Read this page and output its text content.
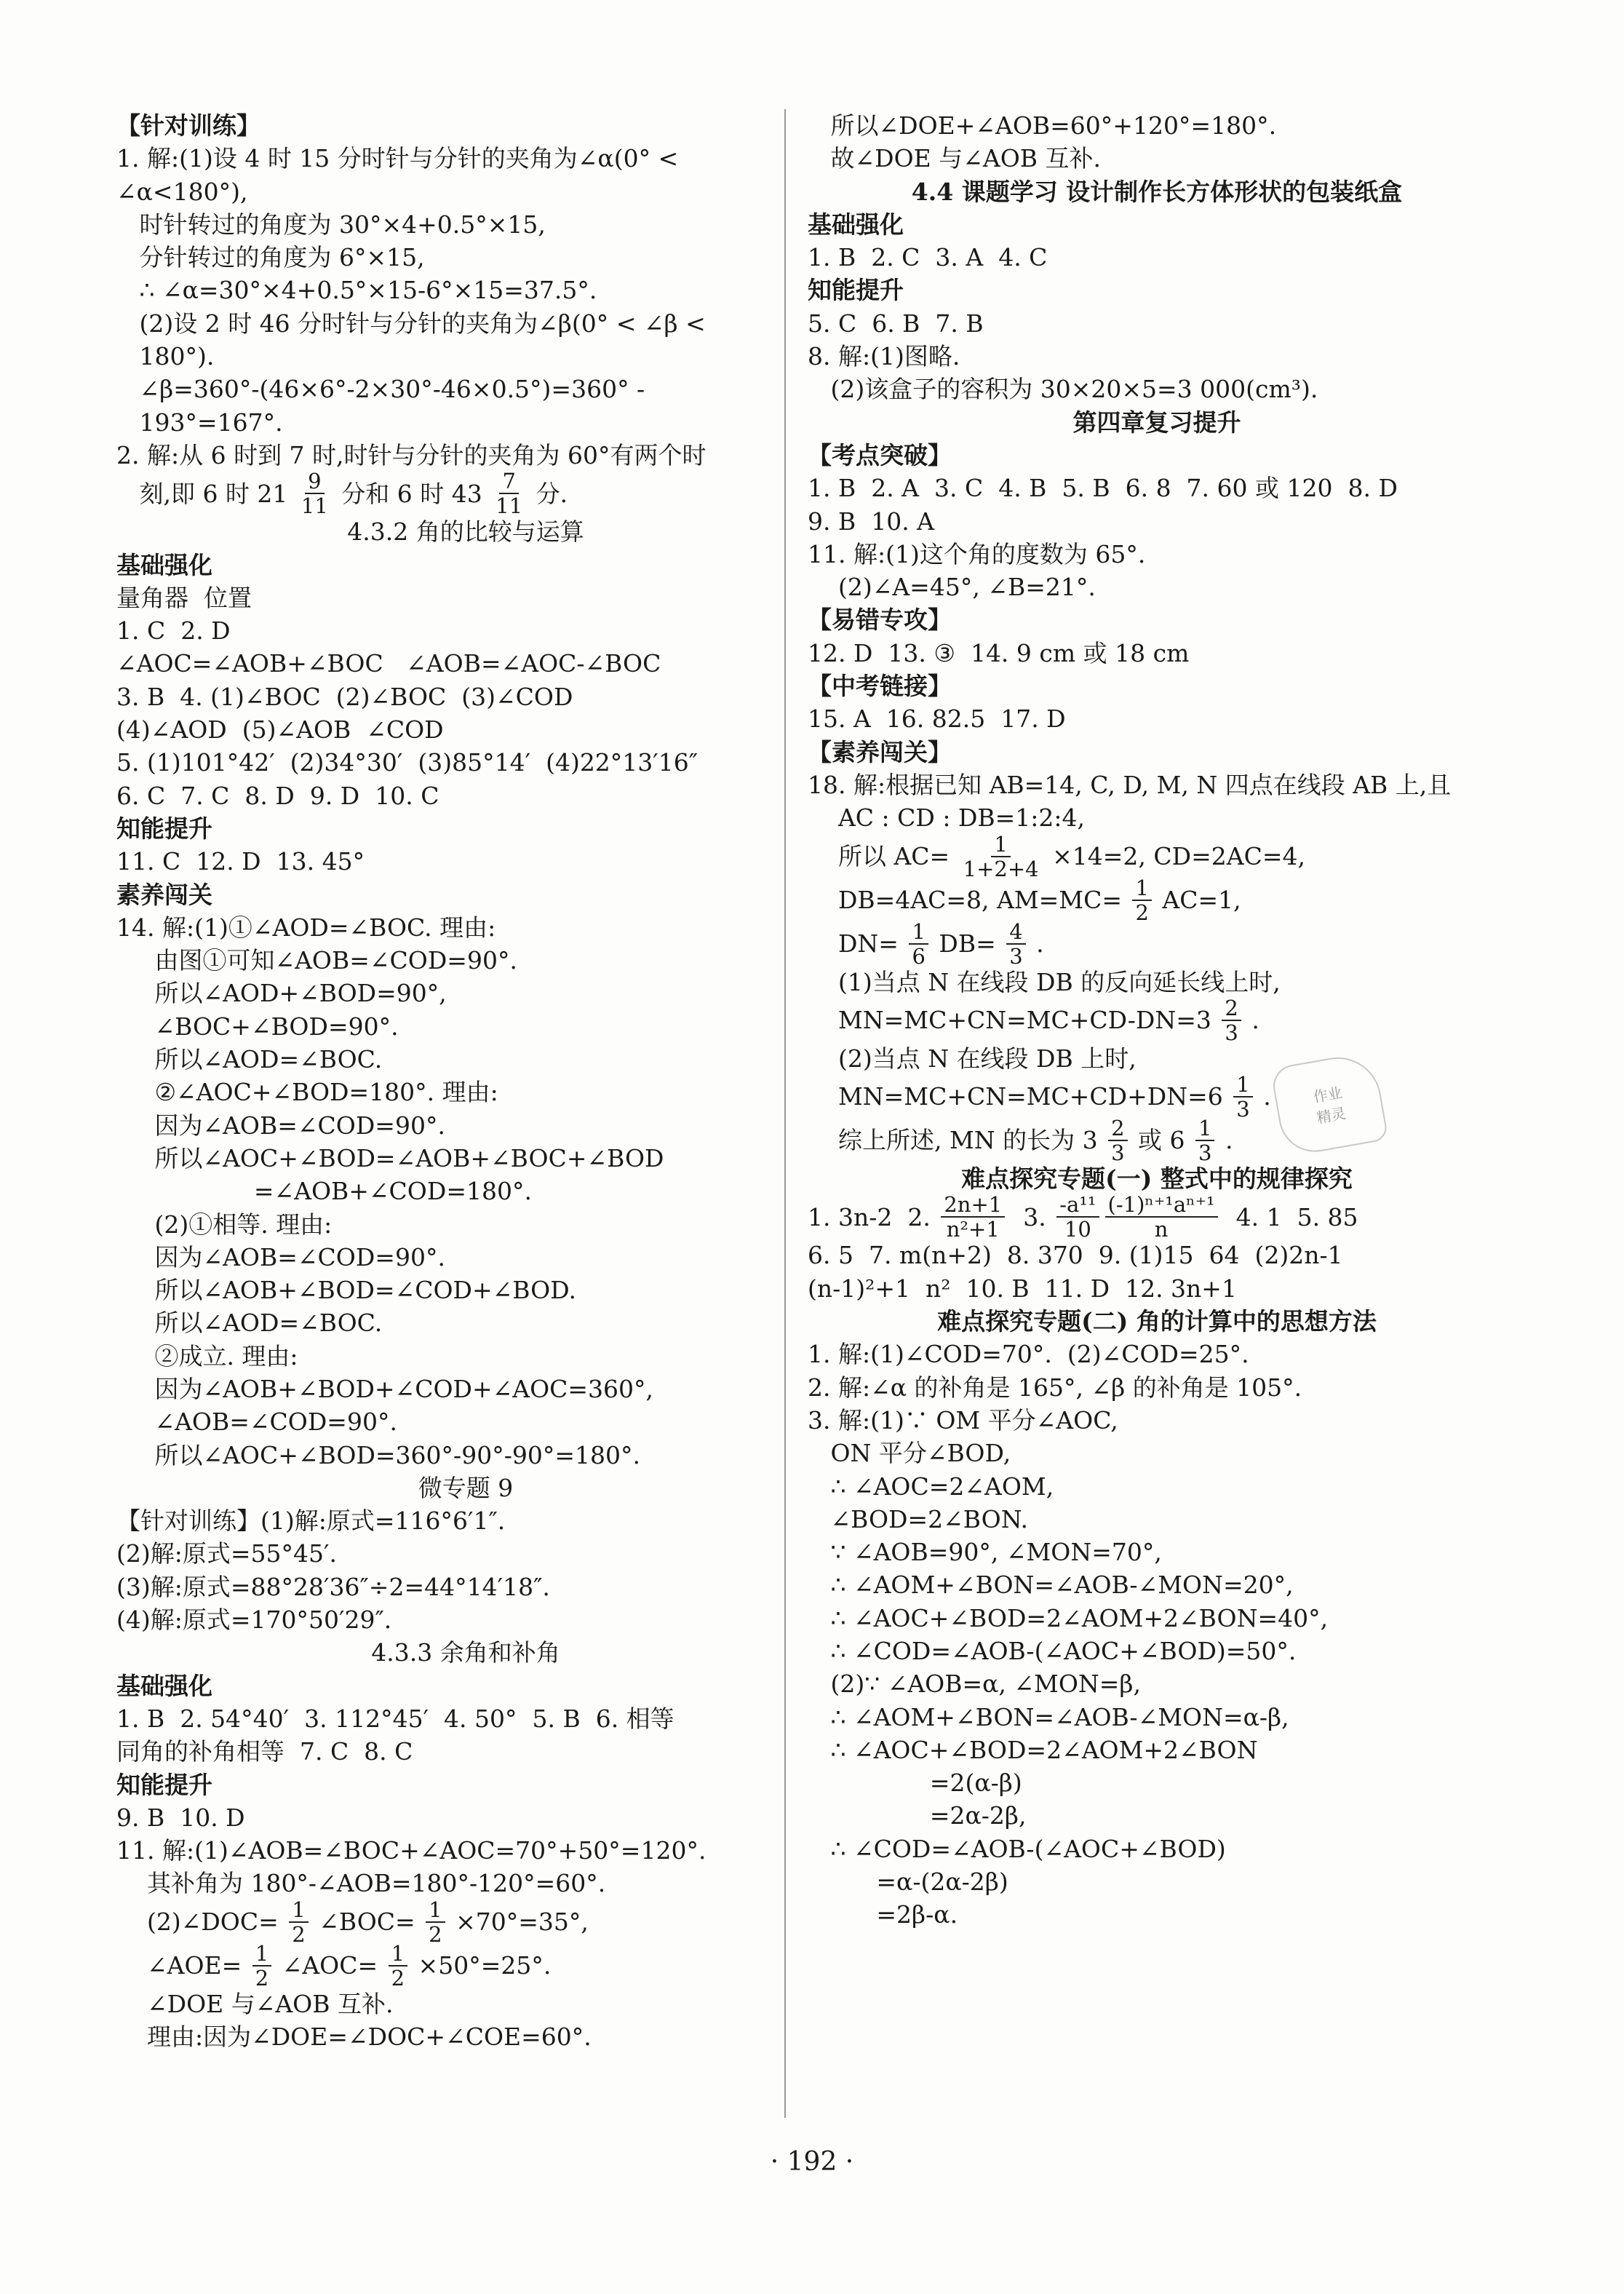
【针对训练】
1. 解:(1)设 4 时 15 分时针与分针的夹角为∠α(0° <
∠α<180°),
时针转过的角度为 30°×4+0.5°×15,
分针转过的角度为 6°×15,
∴ ∠α=30°×4+0.5°×15-6°×15=37.5°.
(2)设 2 时 46 分时针与分针的夹角为∠β(0° < ∠β <
180°).
∠β=360°-(46×6°-2×30°-46×0.5°)=360° -
193°=167°.
2. 解:从 6 时到 7 时,时针与分针的夹角为 60°有两个时
刻,即 6 时 21 9
11 分和 6 时 43 7
11 分.
4.3.2 角的比较与运算
基础强化
量角器  位置
1. C  2. D
∠AOC=∠AOB+∠BOC   ∠AOB=∠AOC-∠BOC
3. B  4. (1)∠BOC  (2)∠BOC  (3)∠COD
(4)∠AOD  (5)∠AOB  ∠COD
5. (1)101°42′  (2)34°30′  (3)85°14′  (4)22°13′16″
6. C  7. C  8. D  9. D  10. C
知能提升
11. C  12. D  13. 45°
素养闯关
14. 解:(1)①∠AOD=∠BOC. 理由:
由图①可知∠AOB=∠COD=90°.
所以∠AOD+∠BOD=90°,
∠BOC+∠BOD=90°.
所以∠AOD=∠BOC.
②∠AOC+∠BOD=180°. 理由:
因为∠AOB=∠COD=90°.
所以∠AOC+∠BOD=∠AOB+∠BOC+∠BOD
=∠AOB+∠COD=180°.
(2)①相等. 理由:
因为∠AOB=∠COD=90°.
所以∠AOB+∠BOD=∠COD+∠BOD.
所以∠AOD=∠BOC.
②成立. 理由:
因为∠AOB+∠BOD+∠COD+∠AOC=360°,
∠AOB=∠COD=90°.
所以∠AOC+∠BOD=360°-90°-90°=180°.
微专题 9
【针对训练】(1)解:原式=116°6′1″.
(2)解:原式=55°45′.
(3)解:原式=88°28′36″÷2=44°14′18″.
(4)解:原式=170°50′29″.
4.3.3 余角和补角
基础强化
1. B  2. 54°40′  3. 112°45′  4. 50°  5. B  6. 相等
同角的补角相等  7. C  8. C
知能提升
9. B  10. D
11. 解:(1)∠AOB=∠BOC+∠AOC=70°+50°=120°.
其补角为 180°-∠AOB=180°-120°=60°.
(2)∠DOC= 1
2 ∠BOC= 1
2 ×70°=35°,
∠AOE= 1
2 ∠AOC= 1
2 ×50°=25°.
∠DOE 与∠AOB 互补.
理由:因为∠DOE=∠DOC+∠COE=60°.
所以∠DOE+∠AOB=60°+120°=180°.
故∠DOE 与∠AOB 互补.
4.4 课题学习 设计制作长方体形状的包装纸盒
基础强化
1. B  2. C  3. A  4. C
知能提升
5. C  6. B  7. B
8. 解:(1)图略.
(2)该盒子的容积为 30×20×5=3 000(cm³).
第四章复习提升
【考点突破】
1. B  2. A  3. C  4. B  5. B  6. 8  7. 60 或 120  8. D
9. B  10. A
11. 解:(1)这个角的度数为 65°.
(2)∠A=45°, ∠B=21°.
【易错专攻】
12. D  13. ③  14. 9 cm 或 18 cm
【中考链接】
15. A  16. 82.5  17. D
【素养闯关】
18. 解:根据已知 AB=14, C, D, M, N 四点在线段 AB 上,且
AC : CD : DB=1:2:4,
所以 AC= 1
1+2+4 ×14=2, CD=2AC=4,
DB=4AC=8, AM=MC= 1
2 AC=1,
DN= 1
6 DB= 4
3 .
(1)当点 N 在线段 DB 的反向延长线上时,
MN=MC+CN=MC+CD-DN=3 2
3 .
(2)当点 N 在线段 DB 上时,
MN=MC+CN=MC+CD+DN=6 1
3 .
综上所述, MN 的长为 3 2
3 或 6 1
3 .
难点探究专题(一) 整式中的规律探究
1. 3n-2  2. 2n+1
n²+1 3. -a¹¹
10
(-1)ⁿ⁺¹aⁿ⁺¹
n 4. 1  5. 85
6. 5  7. m(n+2)  8. 370  9. (1)15  64  (2)2n-1
(n-1)²+1  n²  10. B  11. D  12. 3n+1
难点探究专题(二) 角的计算中的思想方法
1. 解:(1)∠COD=70°.  (2)∠COD=25°.
2. 解:∠α 的补角是 165°, ∠β 的补角是 105°.
3. 解:(1)∵ OM 平分∠AOC,
ON 平分∠BOD,
∴ ∠AOC=2∠AOM,
∠BOD=2∠BON.
∵ ∠AOB=90°, ∠MON=70°,
∴ ∠AOM+∠BON=∠AOB-∠MON=20°,
∴ ∠AOC+∠BOD=2∠AOM+2∠BON=40°,
∴ ∠COD=∠AOB-(∠AOC+∠BOD)=50°.
(2)∵ ∠AOB=α, ∠MON=β,
∴ ∠AOM+∠BON=∠AOB-∠MON=α-β,
∴ ∠AOC+∠BOD=2∠AOM+2∠BON
=2(α-β)
=2α-2β,
∴ ∠COD=∠AOB-(∠AOC+∠BOD)
=α-(2α-2β)
=2β-α.
作业
精灵
· 192 ·
